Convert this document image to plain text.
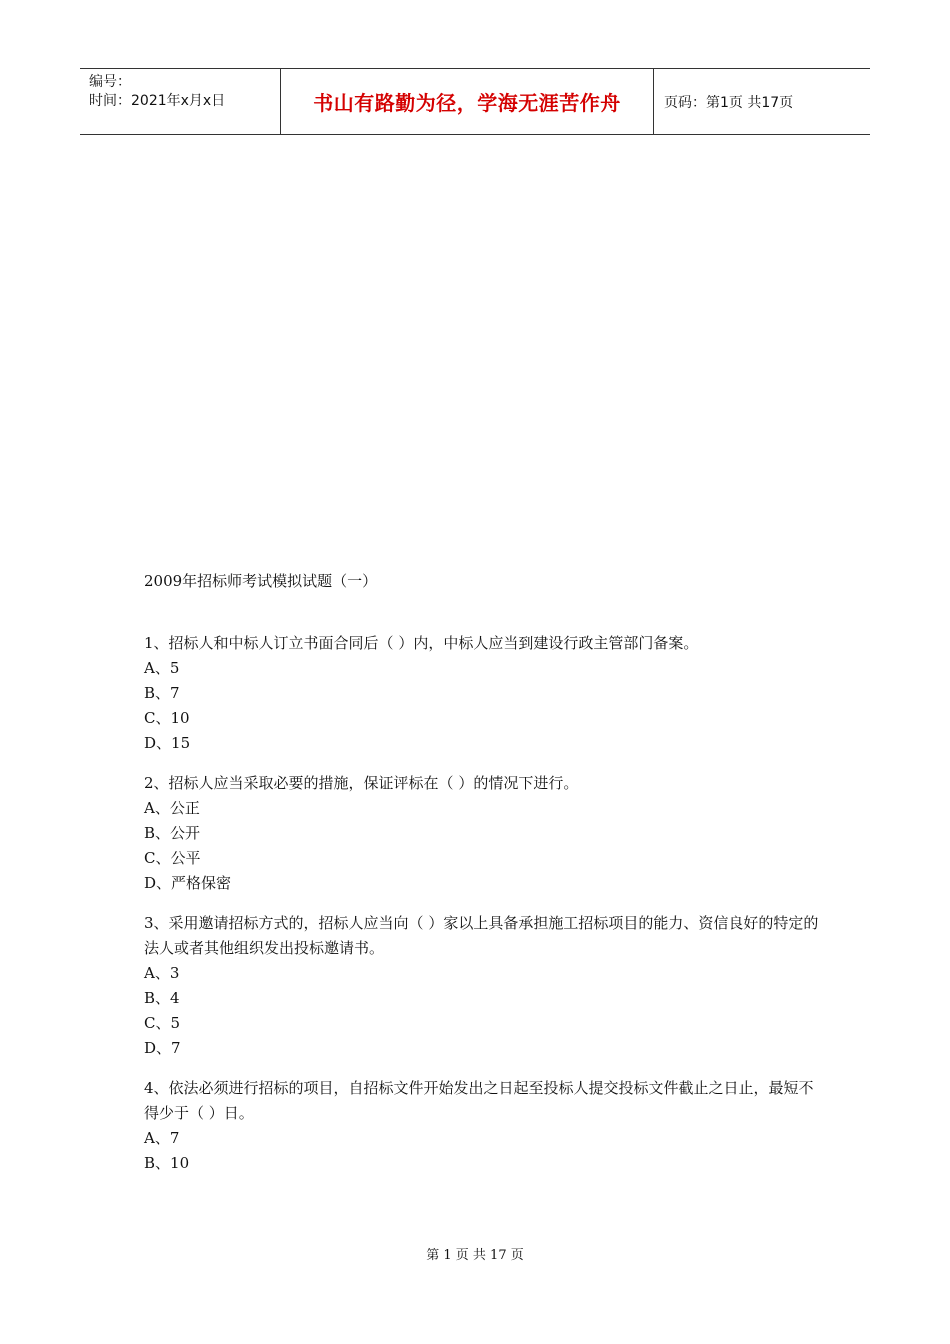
编号：
时间：2021年x月x日	书山有路勤为径，学海无涯苦作舟	页码：第1页 共17页
2009年招标师考试模拟试题（一）
1、招标人和中标人订立书面合同后（ ）内，中标人应当到建设行政主管部门备案。
A、5
B、7
C、10
D、15
2、招标人应当采取必要的措施，保证评标在（ ）的情况下进行。
A、公正
B、公开
C、公平
D、严格保密
3、采用邀请招标方式的，招标人应当向（ ）家以上具备承担施工招标项目的能力、资信良好的特定的法人或者其他组织发出投标邀请书。
A、3
B、4
C、5
D、7
4、依法必须进行招标的项目，自招标文件开始发出之日起至投标人提交投标文件截止之日止，最短不得少于（ ）日。
A、7
B、10
第 1 页 共 17 页
